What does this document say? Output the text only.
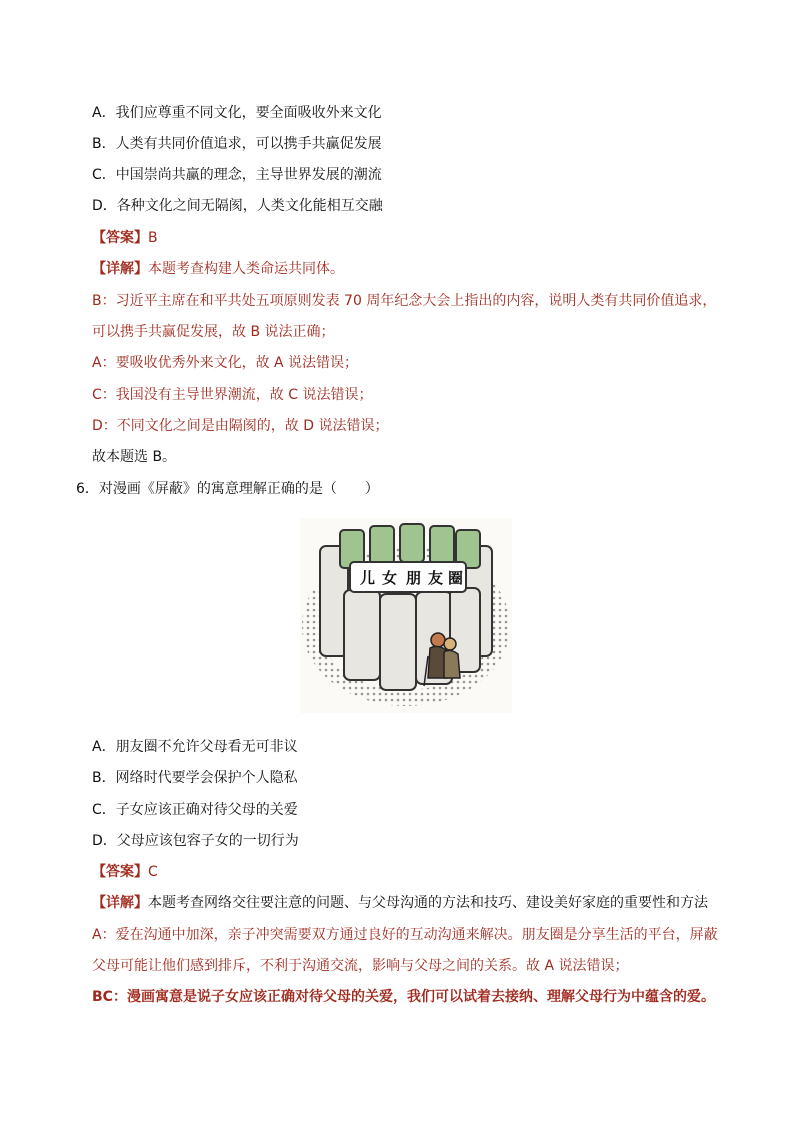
A．我们应尊重不同文化，要全面吸收外来文化
B．人类有共同价值追求，可以携手共赢促发展
C．中国崇尚共赢的理念，主导世界发展的潮流
D．各种文化之间无隔阂，人类文化能相互交融
【答案】B
【详解】本题考查构建人类命运共同体。
B：习近平主席在和平共处五项原则发表 70 周年纪念大会上指出的内容，说明人类有共同价值追求，
可以携手共赢促发展，故 B 说法正确；
A：要吸收优秀外来文化，故 A 说法错误；
C：我国没有主导世界潮流，故 C 说法错误；
D：不同文化之间是由隔阂的，故 D 说法错误；
故本题选 B。
6．对漫画《屏蔽》的寓意理解正确的是（　　）
儿 女 朋 友 圈
A．朋友圈不允许父母看无可非议
B．网络时代要学会保护个人隐私
C．子女应该正确对待父母的关爱
D．父母应该包容子女的一切行为
【答案】C
【详解】本题考查网络交往要注意的问题、与父母沟通的方法和技巧、建设美好家庭的重要性和方法
A：爱在沟通中加深，亲子冲突需要双方通过良好的互动沟通来解决。朋友圈是分享生活的平台，屏蔽
父母可能让他们感到排斥，不利于沟通交流，影响与父母之间的关系。故 A 说法错误；
BC：漫画寓意是说子女应该正确对待父母的关爱，我们可以试着去接纳、理解父母行为中蕴含的爱。
